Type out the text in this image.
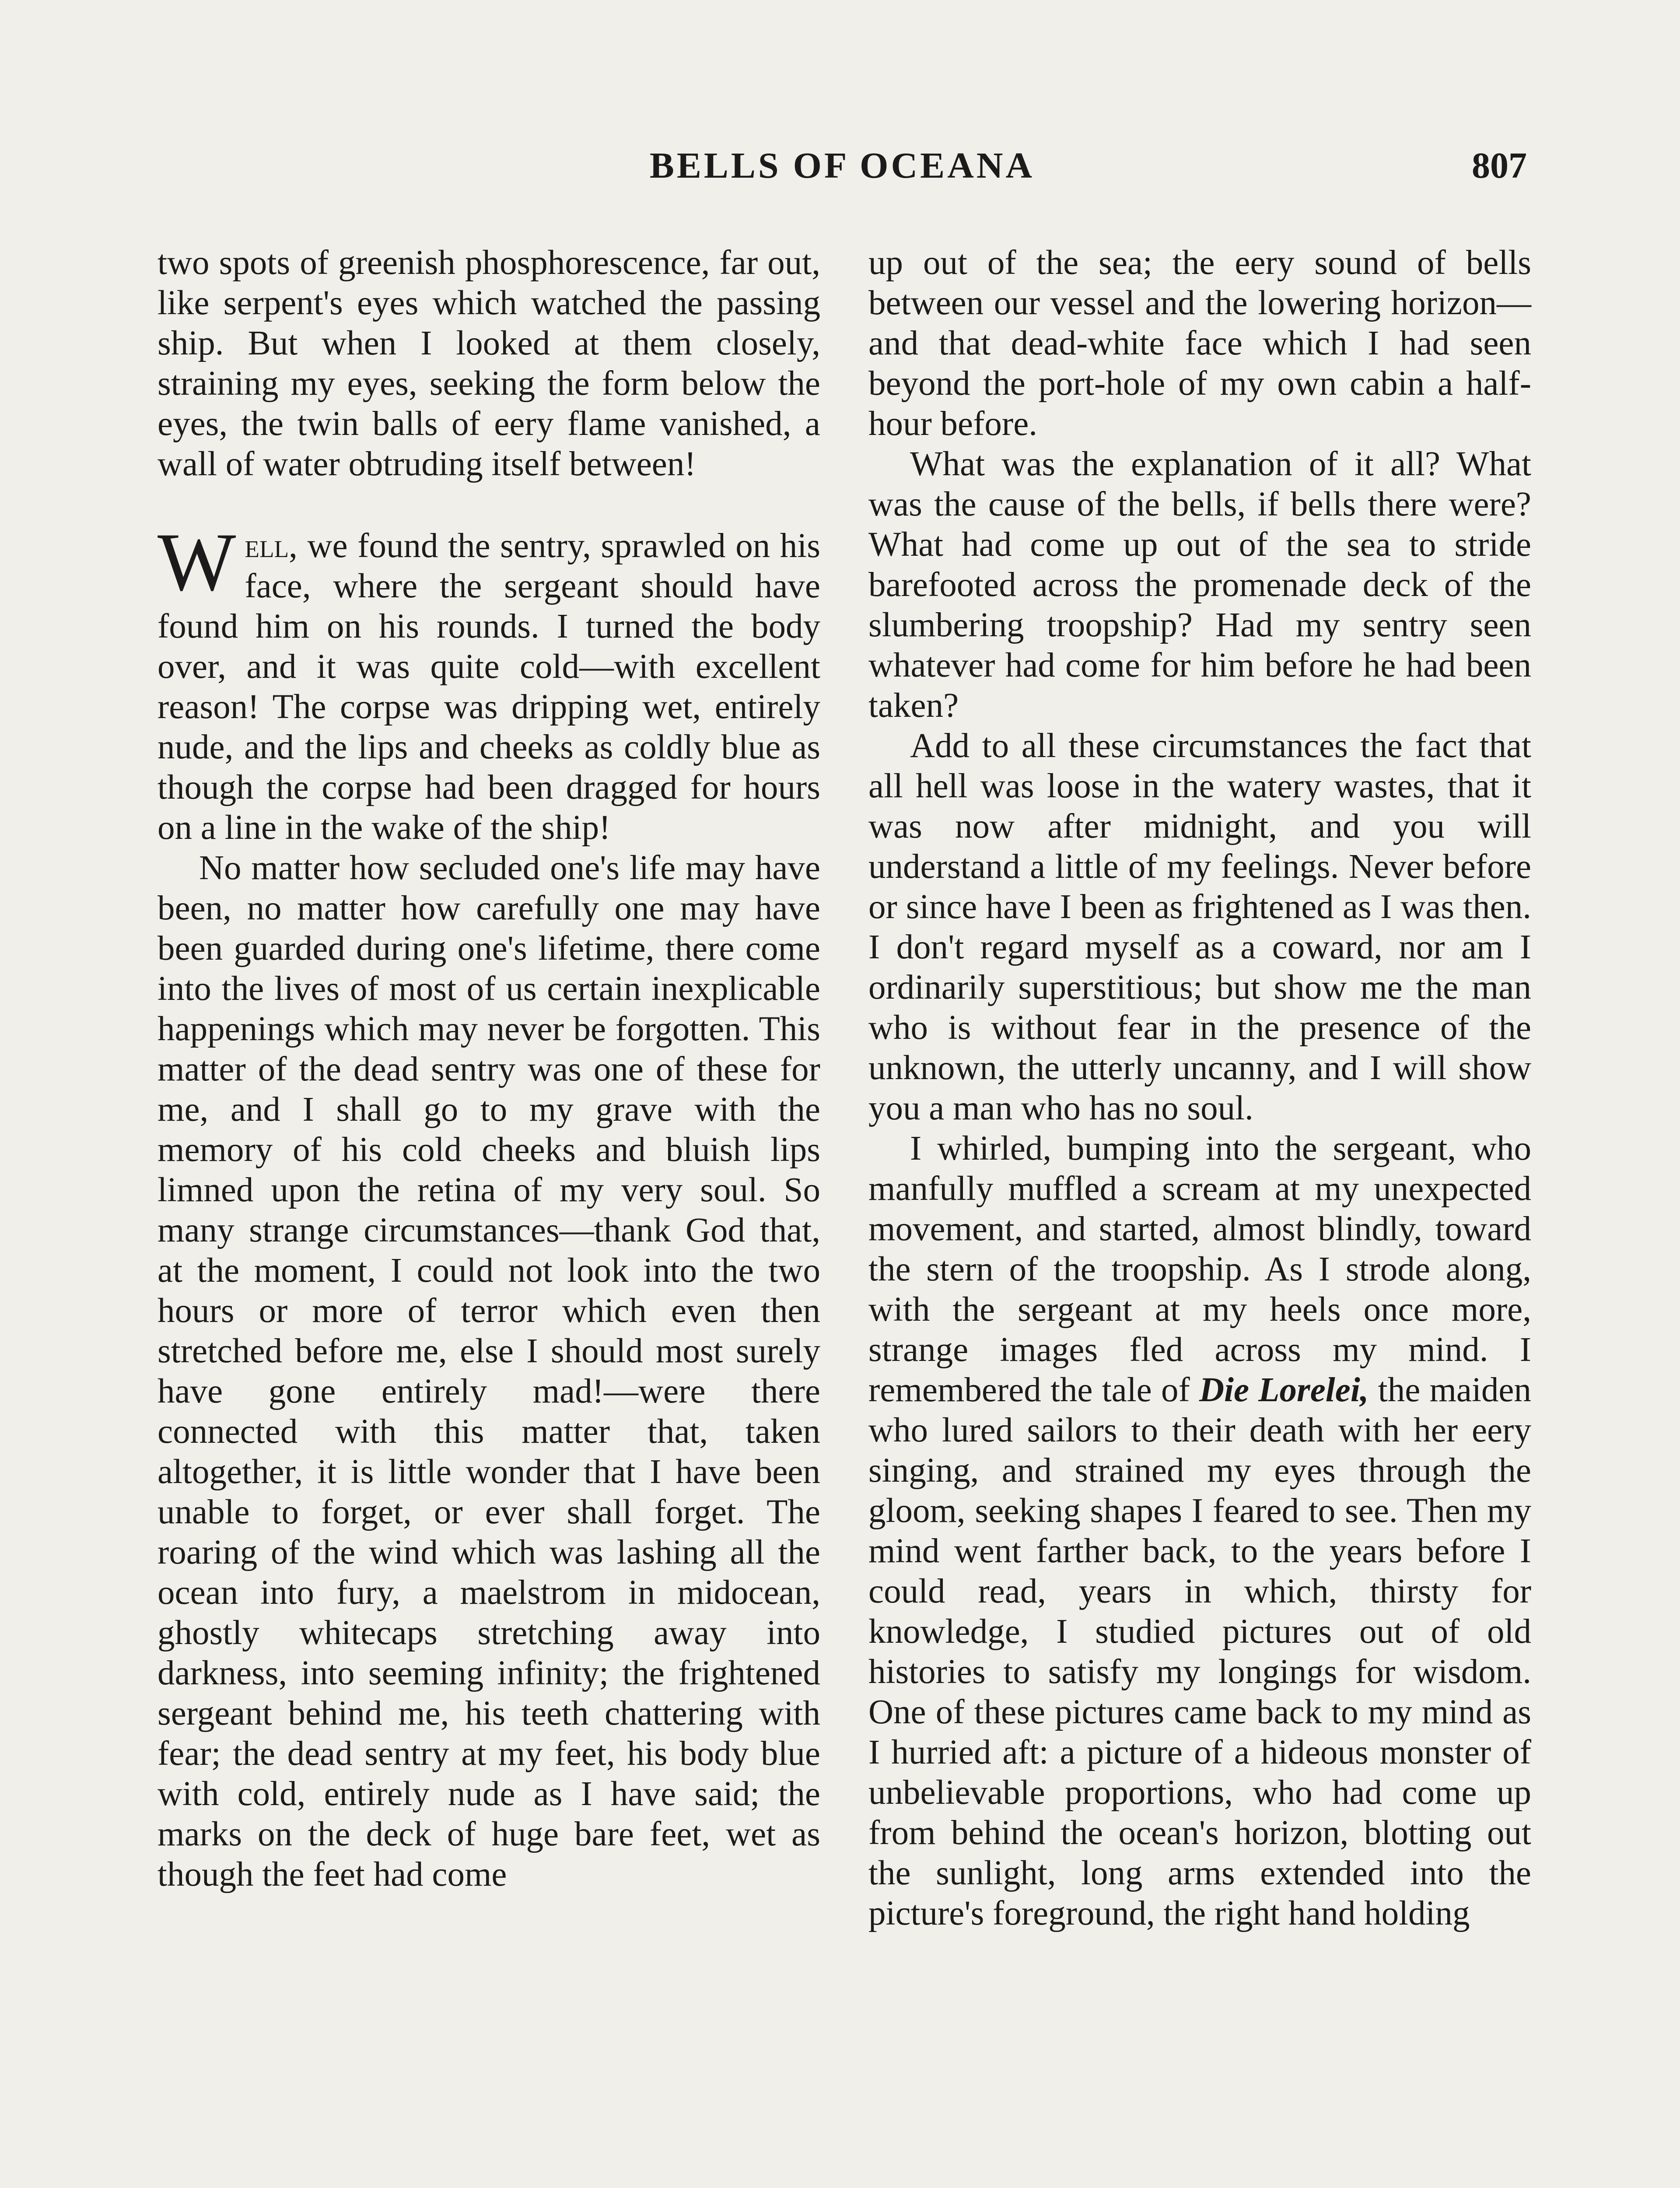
BELLS OF OCEANA	807

two spots of greenish phosphorescence, far out, like serpent's eyes which watched the passing ship. But when I looked at them closely, straining my eyes, seeking the form below the eyes, the twin balls of eery flame vanished, a wall of water obtruding itself between!

Well, we found the sentry, sprawled on his face, where the sergeant should have found him on his rounds. I turned the body over, and it was quite cold—with excellent reason! The corpse was dripping wet, entirely nude, and the lips and cheeks as coldly blue as though the corpse had been dragged for hours on a line in the wake of the ship!

No matter how secluded one's life may have been, no matter how carefully one may have been guarded during one's lifetime, there come into the lives of most of us certain inexplicable happenings which may never be forgotten. This matter of the dead sentry was one of these for me, and I shall go to my grave with the memory of his cold cheeks and bluish lips limned upon the retina of my very soul. So many strange circumstances—thank God that, at the moment, I could not look into the two hours or more of terror which even then stretched before me, else I should most surely have gone entirely mad!—were there connected with this matter that, taken altogether, it is little wonder that I have been unable to forget, or ever shall forget. The roaring of the wind which was lashing all the ocean into fury, a maelstrom in midocean, ghostly whitecaps stretching away into darkness, into seeming infinity; the frightened sergeant behind me, his teeth chattering with fear; the dead sentry at my feet, his body blue with cold, entirely nude as I have said; the marks on the deck of huge bare feet, wet as though the feet had come

up out of the sea; the eery sound of bells between our vessel and the lowering horizon—and that dead-white face which I had seen beyond the port-hole of my own cabin a half-hour before.

What was the explanation of it all? What was the cause of the bells, if bells there were? What had come up out of the sea to stride barefooted across the promenade deck of the slumbering troopship? Had my sentry seen whatever had come for him before he had been taken?

Add to all these circumstances the fact that all hell was loose in the watery wastes, that it was now after midnight, and you will understand a little of my feelings. Never before or since have I been as frightened as I was then. I don't regard myself as a coward, nor am I ordinarily superstitious; but show me the man who is without fear in the presence of the unknown, the utterly uncanny, and I will show you a man who has no soul.

I whirled, bumping into the sergeant, who manfully muffled a scream at my unexpected movement, and started, almost blindly, toward the stern of the troopship. As I strode along, with the sergeant at my heels once more, strange images fled across my mind. I remembered the tale of Die Lorelei, the maiden who lured sailors to their death with her eery singing, and strained my eyes through the gloom, seeking shapes I feared to see. Then my mind went farther back, to the years before I could read, years in which, thirsty for knowledge, I studied pictures out of old histories to satisfy my longings for wisdom. One of these pictures came back to my mind as I hurried aft: a picture of a hideous monster of unbelievable proportions, who had come up from behind the ocean's horizon, blotting out the sunlight, long arms extended into the picture's foreground, the right hand holding
